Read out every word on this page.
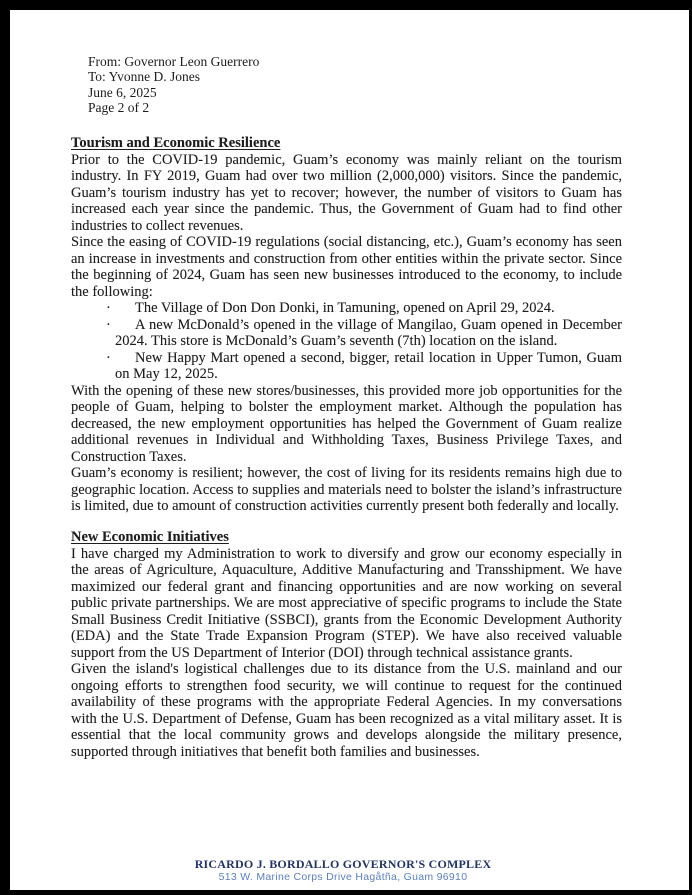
From: Governor Leon Guerrero
To: Yvonne D. Jones
June 6, 2025
Page 2 of 2
Tourism and Economic Resilience

Prior to the COVID-19 pandemic, Guam’s economy was mainly reliant on the tourism industry. In FY 2019, Guam had over two million (2,000,000) visitors. Since the pandemic, Guam’s tourism industry has yet to recover; however, the number of visitors to Guam has increased each year since the pandemic. Thus, the Government of Guam had to find other industries to collect revenues.

Since the easing of COVID-19 regulations (social distancing, etc.), Guam’s economy has seen an increase in investments and construction from other entities within the private sector. Since the beginning of 2024, Guam has seen new businesses introduced to the economy, to include the following:

· The Village of Don Don Donki, in Tamuning, opened on April 29, 2024.
· A new McDonald’s opened in the village of Mangilao, Guam opened in December 2024. This store is McDonald’s Guam’s seventh (7th) location on the island.
· New Happy Mart opened a second, bigger, retail location in Upper Tumon, Guam on May 12, 2025.

With the opening of these new stores/businesses, this provided more job opportunities for the people of Guam, helping to bolster the employment market. Although the population has decreased, the new employment opportunities has helped the Government of Guam realize additional revenues in Individual and Withholding Taxes, Business Privilege Taxes, and Construction Taxes.

Guam’s economy is resilient; however, the cost of living for its residents remains high due to geographic location. Access to supplies and materials need to bolster the island’s infrastructure is limited, due to amount of construction activities currently present both federally and locally.

New Economic Initiatives

I have charged my Administration to work to diversify and grow our economy especially in the areas of Agriculture, Aquaculture, Additive Manufacturing and Transshipment. We have maximized our federal grant and financing opportunities and are now working on several public private partnerships. We are most appreciative of specific programs to include the State Small Business Credit Initiative (SSBCI), grants from the Economic Development Authority (EDA) and the State Trade Expansion Program (STEP). We have also received valuable support from the US Department of Interior (DOI) through technical assistance grants.

Given the island's logistical challenges due to its distance from the U.S. mainland and our ongoing efforts to strengthen food security, we will continue to request for the continued availability of these programs with the appropriate Federal Agencies. In my conversations with the U.S. Department of Defense, Guam has been recognized as a vital military asset. It is essential that the local community grows and develops alongside the military presence, supported through initiatives that benefit both families and businesses.

RICARDO J. BORDALLO GOVERNOR'S COMPLEX
513 W. Marine Corps Drive Hagåtña, Guam 96910
